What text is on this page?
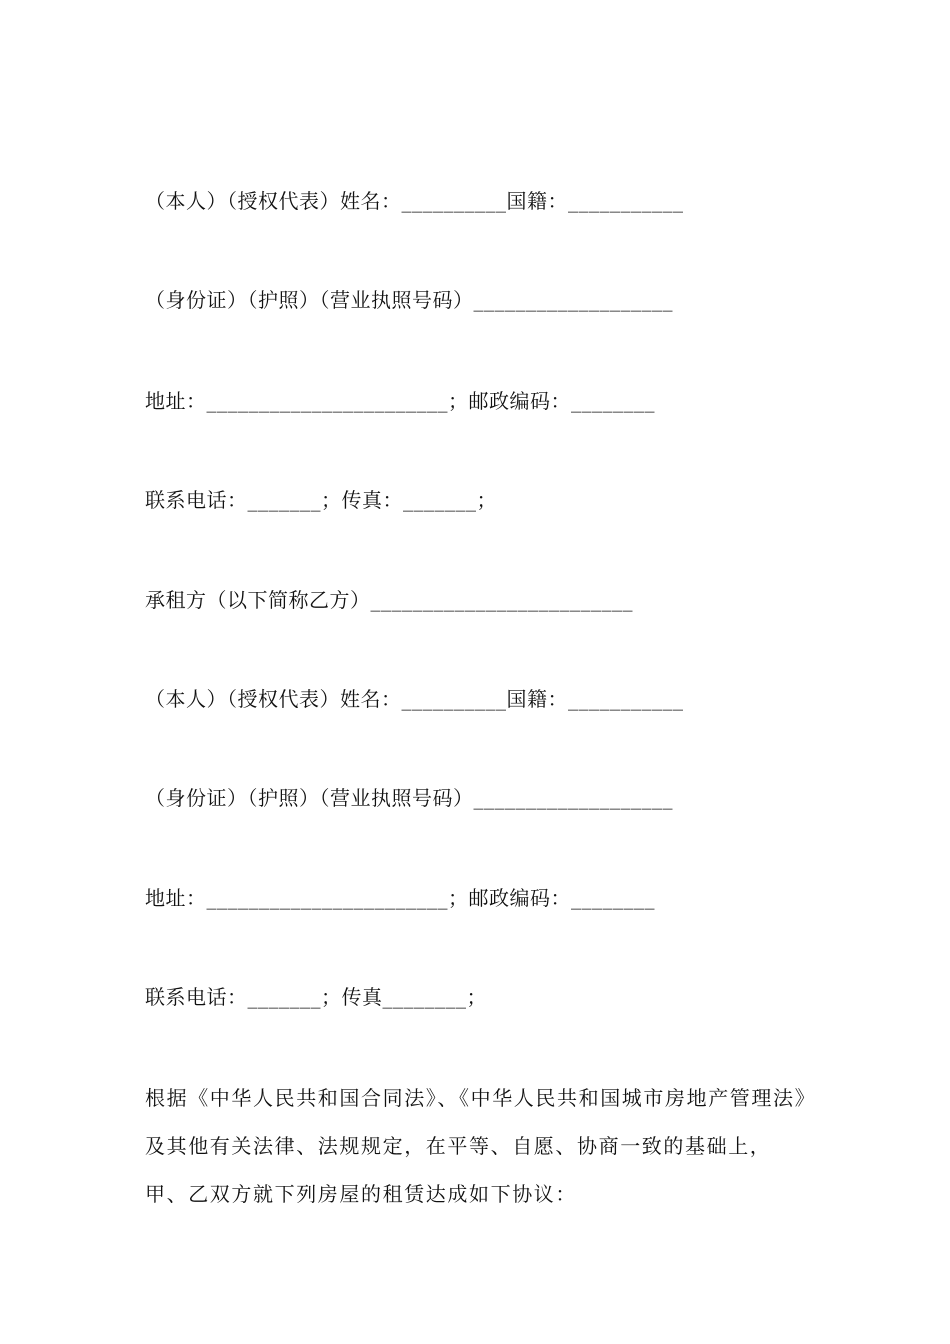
（本人）（授权代表）姓名：__________国籍：___________
（身份证）（护照）（营业执照号码）___________________
地址：_______________________；邮政编码：________
联系电话：_______；传真：_______；
承租方（以下简称乙方）_________________________
（本人）（授权代表）姓名：__________国籍：___________
（身份证）（护照）（营业执照号码）___________________
地址：_______________________；邮政编码：________
联系电话：_______；传真________；
根据《中华人民共和国合同法》、《中华人民共和国城市房地产管理法》及其他有关法律、法规规定，在平等、自愿、协商一致的基础上，甲、乙双方就下列房屋的租赁达成如下协议：
